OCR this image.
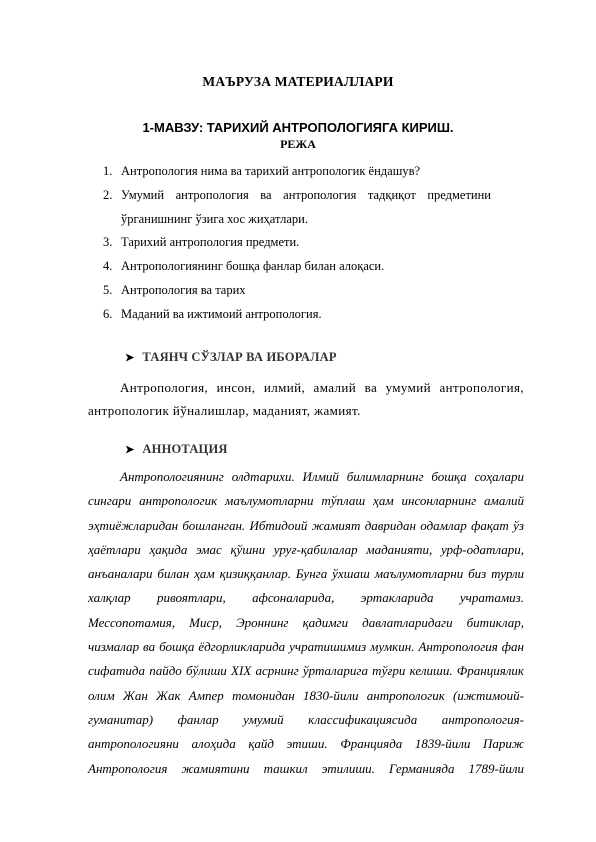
МАЪРУЗА МАТЕРИАЛЛАРИ
1-МАВЗУ: ТАРИХИЙ АНТРОПОЛОГИЯГА КИРИШ.
РЕЖА
1. Антропология нима ва тарихий антропологик ёндашув?
2. Умумий антропология ва антропология тадқиқот предметини
ўрганишнинг ўзига хос жиҳатлари.
3. Тарихий антропология предмети.
4. Антропологиянинг бошқа фанлар билан алоқаси.
5. Антропология ва тарих
6. Маданий ва ижтимоий антропология.
➤ ТАЯНЧ СЎЗЛАР ВА ИБОРАЛАР

Антропология, инсон, илмий, амалий ва умумий антропология, антропологик йўналишлар, маданият, жамият.

➤ АННОТАЦИЯ
Антропологиянинг олдтарихи. Илмий билимларнинг бошқа соҳалари
сингари антропологик маълумотларни тўплаш ҳам инсонларнинг амалий
эҳтиёжларидан бошланган. Ибтидоий жамият давридан одамлар фақат ўз
ҳаётлари ҳақида эмас қўшни уруғ-қабилалар маданияти, урф-одатлари,
анъаналари билан ҳам қизиққанлар. Бунга ўхшаш маълумотларни биз турли
халқлар ривоятлари, афсоналарида, эртакларида учратамиз.
Мессопотамия, Миср, Эроннинг қадимги давлатларидаги битиклар,
чизмалар ва бошқа ёдгорликларида учратишимиз мумкин. Антропология фан
сифатида пайдо бўлиши XIX асрнинг ўрталарига тўғри келиши. Франциялик
олим Жан Жак Ампер томонидан 1830-йили антропологик (ижтимоий-
гуманитар) фанлар умумий классификациясида антропология-
антропологияни алоҳида қайд этиши. Францияда 1839-йили Париж
Антропология жамиятини ташкил этилиши. Германияда 1789-йили
